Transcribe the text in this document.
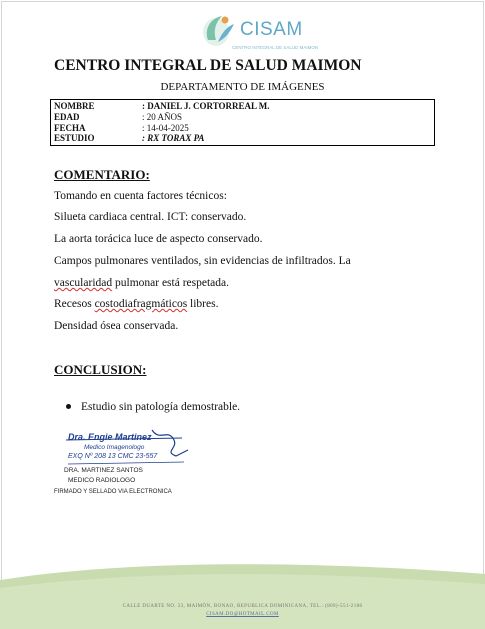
CISAM
CENTRO INTEGRAL DE SALUD MAIMON
CENTRO INTEGRAL DE SALUD MAIMON
DEPARTAMENTO DE IMÁGENES
NOMBRE	: DANIEL J. CORTORREAL M.
EDAD	: 20 AÑOS
FECHA	: 14-04-2025
ESTUDIO	: RX TORAX PA
COMENTARIO:
Tomando en cuenta factores técnicos:
Silueta cardiaca central. ICT: conservado.
La aorta torácica luce de aspecto conservado.
Campos pulmonares ventilados, sin evidencias de infiltrados. La
vascularidad pulmonar está respetada.
Recesos costodiafragmáticos libres.
Densidad ósea conservada.
CONCLUSION:
Estudio sin patología demostrable.
Dra. Engie Martinez
Medico Imagenologo
EXQ Nº 208 13 CMC 23-557
DRA. MARTINEZ SANTOS
MEDICO RADIOLOGO
FIRMADO Y SELLADO VIA ELECTRONICA
CALLE DUARTE NO. 33, MAIMÓN, BONAO, REPUBLICA DOMINICANA, TEL.: (809)-551-2186
CISAM.DO@HOTMAIL.COM
